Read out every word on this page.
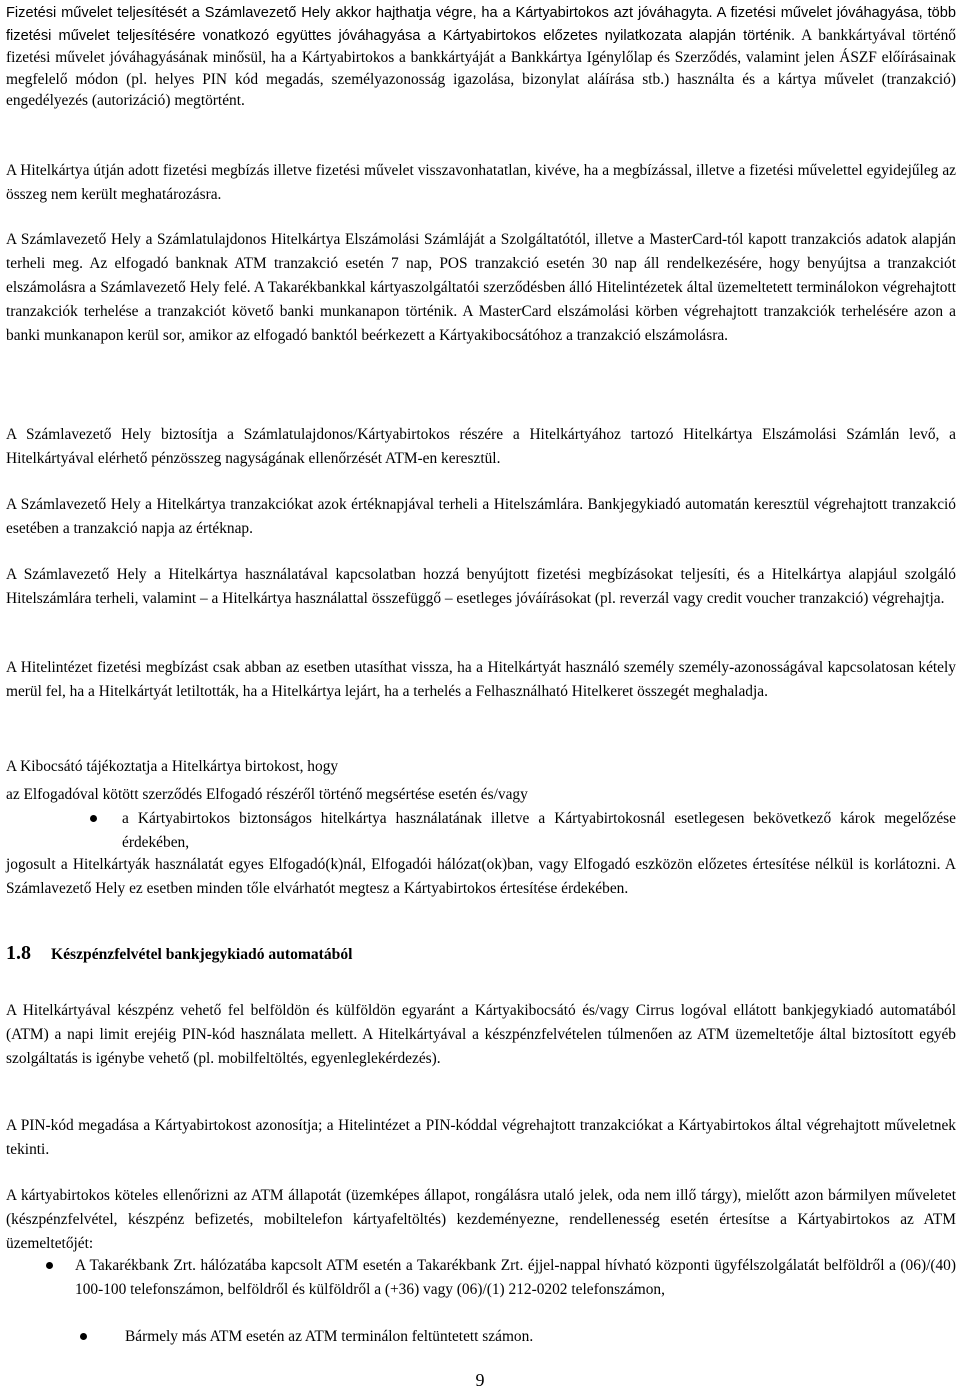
Fizetési művelet teljesítését a Számlavezető Hely akkor hajthatja végre, ha a Kártyabirtokos azt jóváhagyta. A fizetési művelet jóváhagyása, több fizetési művelet teljesítésére vonatkozó együttes jóváhagyása a Kártyabirtokos előzetes nyilatkozata alapján történik. A bankkártyával történő fizetési művelet jóváhagyásának minősül, ha a Kártyabirtokos a bankkártyáját a Bankkártya Igénylőlap és Szerződés, valamint jelen ÁSZF előírásainak megfelelő módon (pl. helyes PIN kód megadás, személyazonosság igazolása, bizonylat aláírása stb.) használta és a kártya művelet (tranzakció) engedélyezés (autorizáció) megtörtént.

A Hitelkártya útján adott fizetési megbízás illetve fizetési művelet visszavonhatatlan, kivéve, ha a megbízással, illetve a fizetési művelettel egyidejűleg az összeg nem került meghatározásra.

A Számlavezető Hely a Számlatulajdonos Hitelkártya Elszámolási Számláját a Szolgáltatótól, illetve a MasterCard-tól kapott tranzakciós adatok alapján terheli meg. Az elfogadó banknak ATM tranzakció esetén 7 nap, POS tranzakció esetén 30 nap áll rendelkezésére, hogy benyújtsa a tranzakciót elszámolásra a Számlavezető Hely felé. A Takarékbankkal kártyaszolgáltatói szerződésben álló Hitelintézetek által üzemeltetett terminálokon végrehajtott tranzakciók terhelése a tranzakciót követő banki munkanapon történik. A MasterCard elszámolási körben végrehajtott tranzakciók terhelésére azon a banki munkanapon kerül sor, amikor az elfogadó banktól beérkezett a Kártyakibocsátóhoz a tranzakció elszámolásra.

A Számlavezető Hely biztosítja a Számlatulajdonos/Kártyabirtokos részére a Hitelkártyához tartozó Hitelkártya Elszámolási Számlán levő, a Hitelkártyával elérhető pénzösszeg nagyságának ellenőrzését ATM-en keresztül.

A Számlavezető Hely a Hitelkártya tranzakciókat azok értéknapjával terheli a Hitelszámlára. Bankjegykiadó automatán keresztül végrehajtott tranzakció esetében a tranzakció napja az értéknap.

A Számlavezető Hely a Hitelkártya használatával kapcsolatban hozzá benyújtott fizetési megbízásokat teljesíti, és a Hitelkártya alapjául szolgáló Hitelszámlára terheli, valamint – a Hitelkártya használattal összefüggő – esetleges jóváírásokat (pl. reverzál vagy credit voucher tranzakció) végrehajtja.

A Hitelintézet fizetési megbízást csak abban az esetben utasíthat vissza, ha a Hitelkártyát használó személy személy-azonosságával kapcsolatosan kétely merül fel, ha a Hitelkártyát letiltották, ha a Hitelkártya lejárt, ha a terhelés a Felhasználható Hitelkeret összegét meghaladja.

A Kibocsátó tájékoztatja a Hitelkártya birtokost, hogy

az Elfogadóval kötött szerződés Elfogadó részéről történő megsértése esetén és/vagy

a Kártyabirtokos biztonságos hitelkártya használatának illetve a Kártyabirtokosnál esetlegesen bekövetkező károk megelőzése érdekében,

jogosult a Hitelkártyák használatát egyes Elfogadó(k)nál, Elfogadói hálózat(ok)ban, vagy Elfogadó eszközön előzetes értesítése nélkül is korlátozni. A Számlavezető Hely ez esetben minden tőle elvárhatót megtesz a Kártyabirtokos értesítése érdekében.

1.8 Készpénzfelvétel bankjegykiadó automatából

A Hitelkártyával készpénz vehető fel belföldön és külföldön egyaránt a Kártyakibocsátó és/vagy Cirrus logóval ellátott bankjegykiadó automatából (ATM) a napi limit erejéig PIN-kód használata mellett. A Hitelkártyával a készpénzfelvételen túlmenően az ATM üzemeltetője által biztosított egyéb szolgáltatás is igénybe vehető (pl. mobilfeltöltés, egyenleglekérdezés).

A PIN-kód megadása a Kártyabirtokost azonosítja; a Hitelintézet a PIN-kóddal végrehajtott tranzakciókat a Kártyabirtokos által végrehajtott műveletnek tekinti.

A kártyabirtokos köteles ellenőrizni az ATM állapotát (üzemképes állapot, rongálásra utaló jelek, oda nem illő tárgy), mielőtt azon bármilyen műveletet (készpénzfelvétel, készpénz befizetés, mobiltelefon kártyafeltöltés) kezdeményezne, rendellenesség esetén értesítse a Kártyabirtokos az ATM üzemeltetőjét:

A Takarékbank Zrt. hálózatába kapcsolt ATM esetén a Takarékbank Zrt. éjjel-nappal hívható központi ügyfélszolgálatát belföldről a (06)/(40) 100-100 telefonszámon, belföldről és külföldről a (+36) vagy (06)/(1) 212-0202 telefonszámon,
Bármely más ATM esetén az ATM terminálon feltüntetett számon.
9
